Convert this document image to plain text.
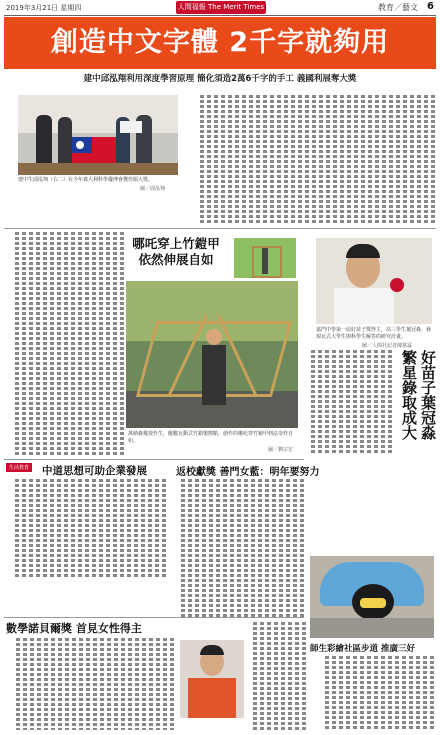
2019年3月21日 星期四	人間福報 The Merit Times	教育／藝文 6
創造中文字體 2千字就夠用
建中邱泓翔利用深度學習原理 簡化須造2萬6千字的手工 義國利展奪大獎
建中生邱泓翔（右二）在今年義大利科學優博會獲佳頌大獎。
圖／邱泓翔
哪吒穿上竹鎧甲
依然伸展自如
萬納森幾授作生，醒數瓦動式竹錯嬰擦點，創作的哪吒穿竹鏡甲到法奈炸自如。
圖／劉宗宏
嘉門中學第一屆好苗子獎得主，高三學生葉冠森，發現瓦式大學生與科學生解答的研究計畫。
圖／人間社記者陳慕霖
好苗子葉冠淼
繁星錄取成大
生活教育 中道思想可助企業發展	返校獻獎 善門女藍：明年要努力
數學諾貝爾獎 首見女性得主
師生彩繪社區步道 推廣三好
